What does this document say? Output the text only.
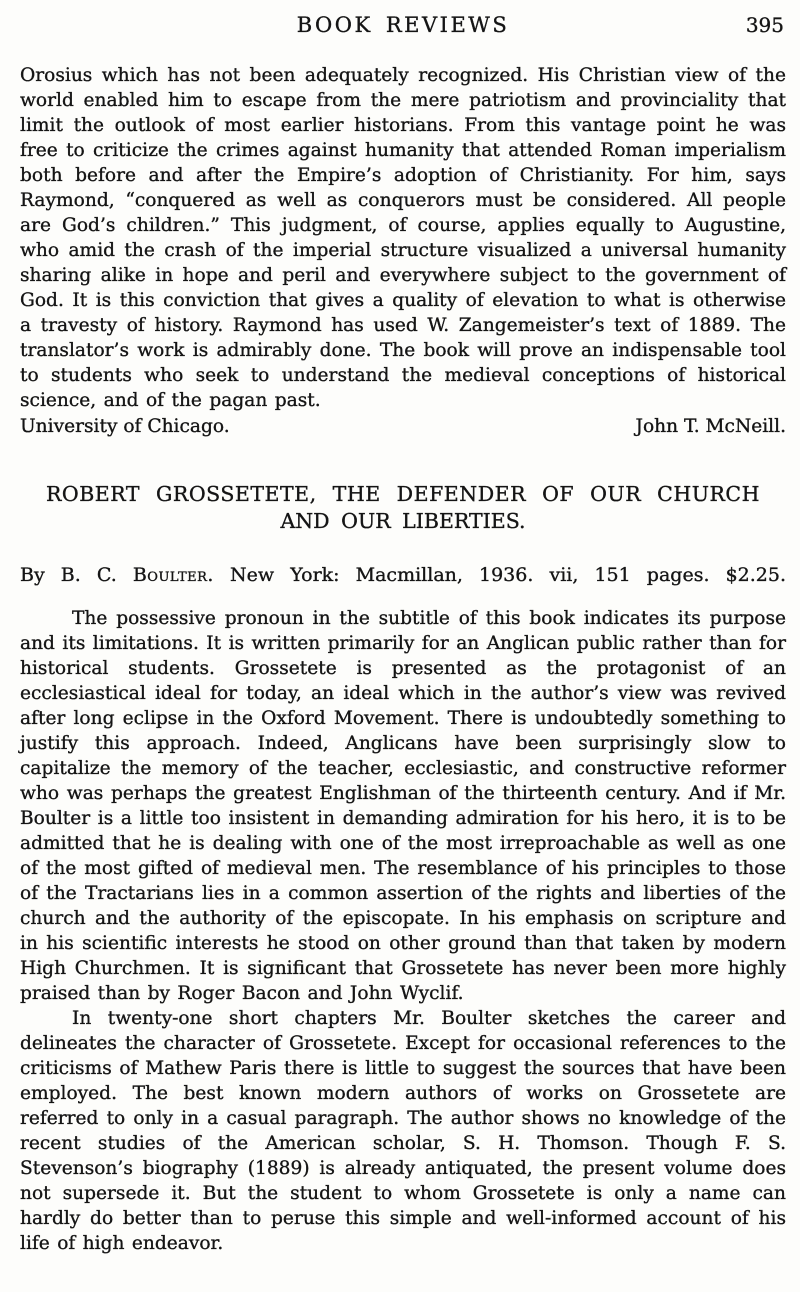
BOOK REVIEWS	395

Orosius which has not been adequately recognized. His Christian view of the world enabled him to escape from the mere patriotism and provinciality that limit the outlook of most earlier historians. From this vantage point he was free to criticize the crimes against humanity that attended Roman imperialism both before and after the Empire’s adoption of Christianity. For him, says Raymond, “conquered as well as conquerors must be considered. All people are God’s children.” This judgment, of course, applies equally to Augustine, who amid the crash of the imperial structure visualized a universal humanity sharing alike in hope and peril and everywhere subject to the government of God. It is this conviction that gives a quality of elevation to what is otherwise a travesty of history. Raymond has used W. Zangemeister’s text of 1889. The translator’s work is admirably done. The book will prove an indispensable tool to students who seek to understand the medieval conceptions of historical science, and of the pagan past.

University of Chicago.	John T. McNeill.
ROBERT GROSSETETE, THE DEFENDER OF OUR CHURCH
AND OUR LIBERTIES.

By B. C. Boulter. New York: Macmillan, 1936. vii, 151 pages. $2.25.

The possessive pronoun in the subtitle of this book indicates its purpose and its limitations. It is written primarily for an Anglican public rather than for historical students. Grossetete is presented as the protagonist of an ecclesiastical ideal for today, an ideal which in the author’s view was revived after long eclipse in the Oxford Movement. There is undoubtedly something to justify this approach. Indeed, Anglicans have been surprisingly slow to capitalize the memory of the teacher, ecclesiastic, and constructive reformer who was perhaps the greatest Englishman of the thirteenth century. And if Mr. Boulter is a little too insistent in demanding admiration for his hero, it is to be admitted that he is dealing with one of the most irreproachable as well as one of the most gifted of medieval men. The resemblance of his principles to those of the Tractarians lies in a common assertion of the rights and liberties of the church and the authority of the episcopate. In his emphasis on scripture and in his scientific interests he stood on other ground than that taken by modern High Churchmen. It is significant that Grossetete has never been more highly praised than by Roger Bacon and John Wyclif.

In twenty-one short chapters Mr. Boulter sketches the career and delineates the character of Grossetete. Except for occasional references to the criticisms of Mathew Paris there is little to suggest the sources that have been employed. The best known modern authors of works on Grossetete are referred to only in a casual paragraph. The author shows no knowledge of the recent studies of the American scholar, S. H. Thomson. Though F. S. Stevenson’s biography (1889) is already antiquated, the present volume does not supersede it. But the student to whom Grossetete is only a name can hardly do better than to peruse this simple and well-informed account of his life of high endeavor.
